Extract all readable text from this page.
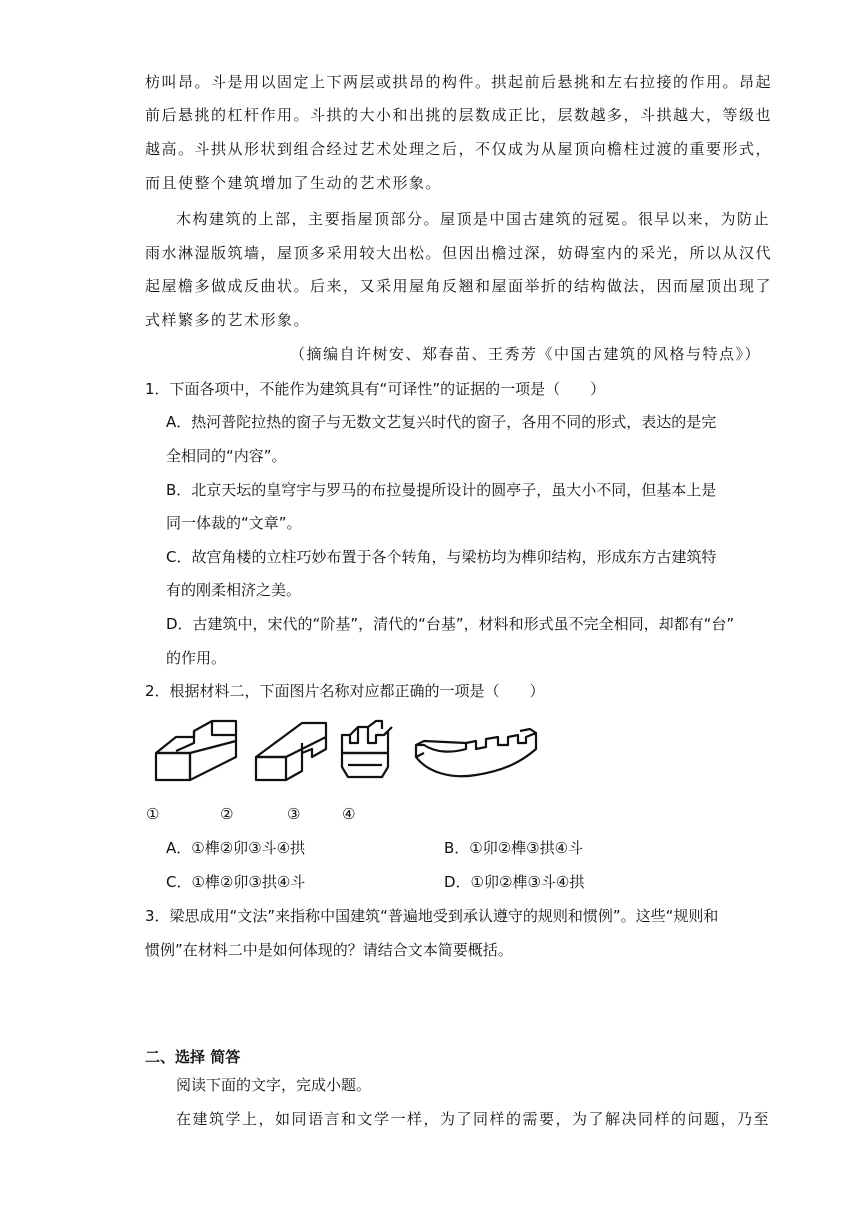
枋叫昂。斗是用以固定上下两层或拱昂的构件。拱起前后悬挑和左右拉接的作用。昂起
前后悬挑的杠杆作用。斗拱的大小和出挑的层数成正比，层数越多，斗拱越大，等级也
越高。斗拱从形状到组合经过艺术处理之后，不仅成为从屋顶向檐柱过渡的重要形式，
而且使整个建筑增加了生动的艺术形象。
木构建筑的上部，主要指屋顶部分。屋顶是中国古建筑的冠冕。很早以来，为防止
雨水淋湿版筑墙，屋顶多采用较大出松。但因出檐过深，妨碍室内的采光，所以从汉代
起屋檐多做成反曲状。后来，又采用屋角反翘和屋面举折的结构做法，因而屋顶出现了
式样繁多的艺术形象。
（摘编自许树安、郑春苗、王秀芳《中国古建筑的风格与特点》）
1．下面各项中，不能作为建筑具有“可译性”的证据的一项是（　　）
A．热河普陀拉热的窗子与无数文艺复兴时代的窗子，各用不同的形式，表达的是完
全相同的“内容”。
B．北京天坛的皇穹宇与罗马的布拉曼提所设计的圆亭子，虽大小不同，但基本上是
同一体裁的“文章”。
C．故宫角楼的立柱巧妙布置于各个转角，与梁枋均为榫卯结构，形成东方古建筑特
有的刚柔相济之美。
D．古建筑中，宋代的“阶基”，清代的“台基”，材料和形式虽不完全相同，却都有“台”
的作用。
2．根据材料二，下面图片名称对应都正确的一项是（　　）
①	②	③	④
A．①榫②卯③斗④拱	B．①卯②榫③拱④斗
C．①榫②卯③拱④斗	D．①卯②榫③斗④拱
3．梁思成用“文法”来指称中国建筑“普遍地受到承认遵守的规则和惯例”。这些“规则和
惯例”在材料二中是如何体现的？请结合文本简要概括。
二、选择 简答
阅读下面的文字，完成小题。
在建筑学上，如同语言和文学一样，为了同样的需要，为了解决同样的问题，乃至
